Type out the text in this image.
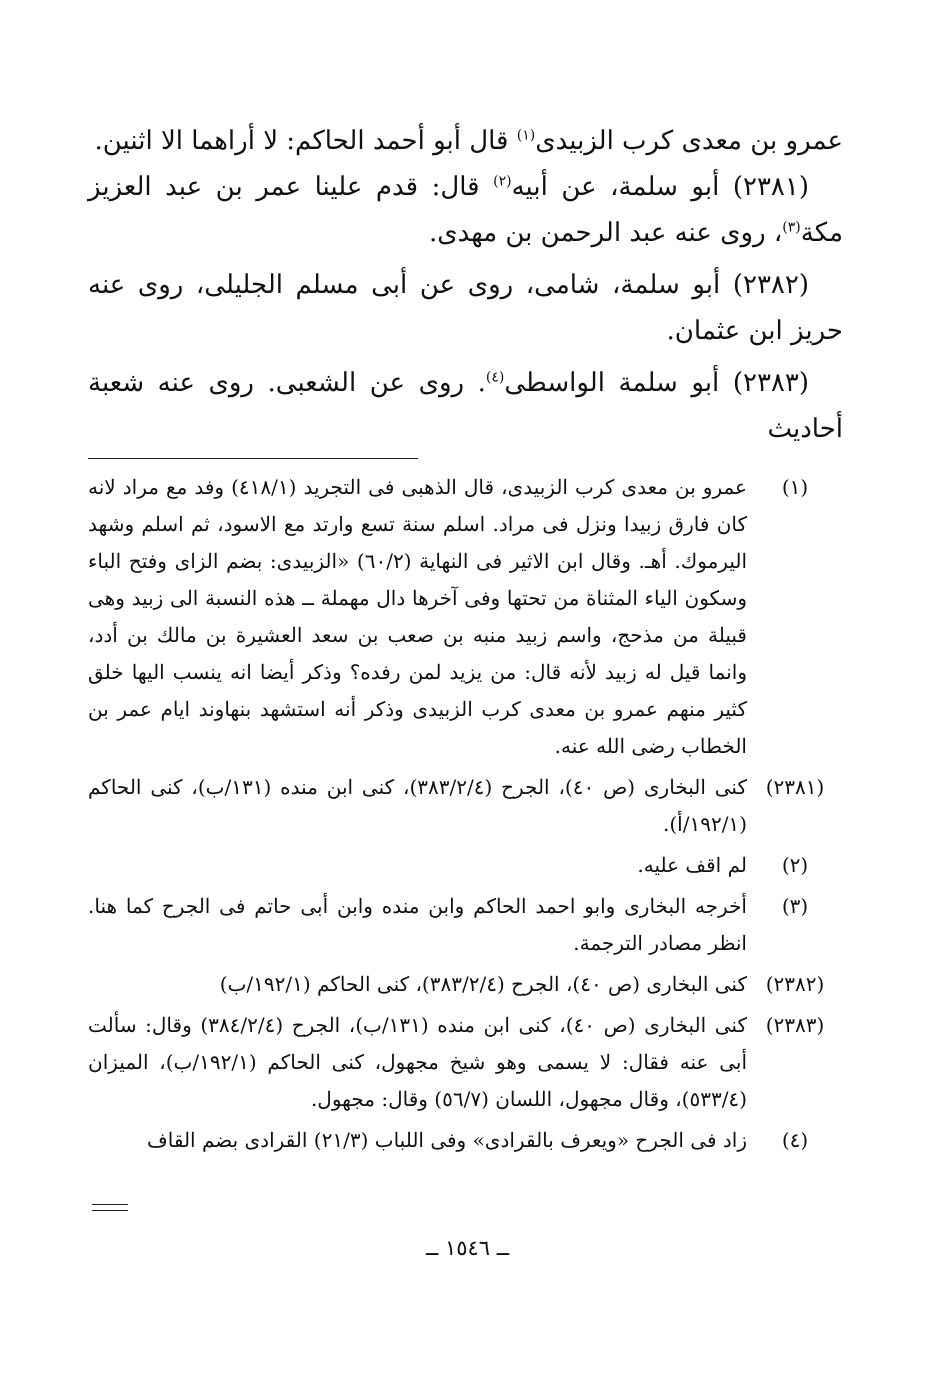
عمرو بن معدى كرب الزبيدى$^{(١)}$ قال أبو أحمد الحاكم: لا أراهما الا اثنين.

(٢٣٨١) أبو سلمة، عن أبيه$^{(٢)}$ قال: قدم علينا عمر بن عبد العزيز مكة$^{(٣)}$، روى عنه عبد الرحمن بن مهدى.

(٢٣٨٢) أبو سلمة، شامى، روى عن أبى مسلم الجليلى، روى عنه حريز ابن عثمان.

(٢٣٨٣) أبو سلمة الواسطى$^{(٤)}$. روى عن الشعبى. روى عنه شعبة أحاديث

(١)
عمرو بن معدى كرب الزبيدى، قال الذهبى فى التجريد (٤١٨/١) وفد مع مراد لانه كان فارق زبيدا ونزل فى مراد. اسلم سنة تسع وارتد مع الاسود، ثم اسلم وشهد اليرموك. أهـ. وقال ابن الاثير فى النهاية (٦٠/٢) «الزبيدى: بضم الزاى وفتح الباء وسكون الياء المثناة من تحتها وفى آخرها دال مهملة ــ هذه النسبة الى زبيد وهى قبيلة من مذحج، واسم زبيد منبه بن صعب بن سعد العشيرة بن مالك بن أدد، وانما قيل له زبيد لأنه قال: من يزيد لمن رفده؟ وذكر أيضا انه ينسب اليها خلق كثير منهم عمرو بن معدى كرب الزبيدى وذكر أنه استشهد بنهاوند ايام عمر بن الخطاب رضى الله عنه.
(٢٣٨١)
كنى البخارى (ص ٤٠)، الجرح (٣٨٣/٢/٤)، كنى ابن منده (١٣١/ب)، كنى الحاكم (١٩٢/١/أ).
(٢)
لم اقف عليه.
(٣)
أخرجه البخارى وابو احمد الحاكم وابن منده وابن أبى حاتم فى الجرح كما هنا. انظر مصادر الترجمة.
(٢٣٨٢)
كنى البخارى (ص ٤٠)، الجرح (٣٨٣/٢/٤)، كنى الحاكم (١٩٢/١/ب)
(٢٣٨٣)
كنى البخارى (ص ٤٠)، كنى ابن منده (١٣١/ب)، الجرح (٣٨٤/٢/٤) وقال: سألت أبى عنه فقال: لا يسمى وهو شيخ مجهول، كنى الحاكم (١٩٢/١/ب)، الميزان (٥٣٣/٤)، وقال مجهول، اللسان (٥٦/٧) وقال: مجهول.
(٤)
زاد فى الجرح «ويعرف بالقرادى» وفى اللباب (٢١/٣) القرادى بضم القاف
ــ ١٥٤٦ ــ
